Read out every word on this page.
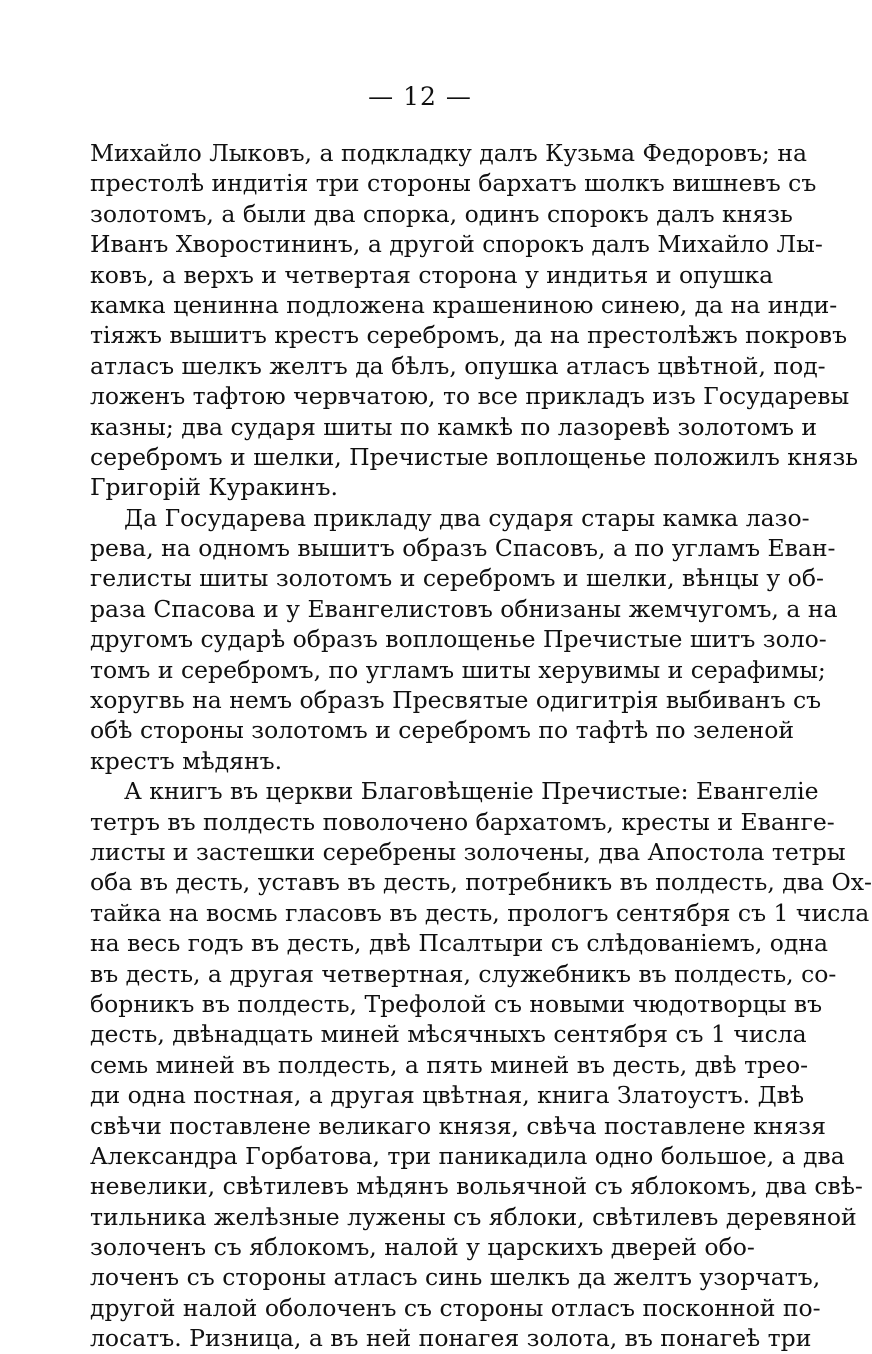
— 12 —
Михайло Лыковъ, а подкладку далъ Кузьма Федоровъ; на
престолѣ индитія три стороны бархатъ шолкъ вишневъ съ
золотомъ, а были два спорка, одинъ спорокъ далъ князь
Иванъ Хворостининъ, а другой спорокъ далъ Михайло Лы-
ковъ, а верхъ и четвертая сторона у индитья и опушка
камка ценинна подложена крашениною синею, да на инди-
тіяжъ вышитъ крестъ серебромъ, да на престолѣжъ покровъ
атласъ шелкъ желтъ да бѣлъ, опушка атласъ цвѣтной, под-
ложенъ тафтою червчатою, то все прикладъ изъ Государевы
казны; два сударя шиты по камкѣ по лазоревѣ золотомъ и
серебромъ и шелки, Пречистые воплощенье положилъ князь
Григорій Куракинъ.
Да Государева прикладу два сударя стары камка лазо-
рева, на одномъ вышитъ образъ Спасовъ, а по угламъ Еван-
гелисты шиты золотомъ и серебромъ и шелки, вѣнцы у об-
раза Спасова и у Евангелистовъ обнизаны жемчугомъ, а на
другомъ сударѣ образъ воплощенье Пречистые шитъ золо-
томъ и серебромъ, по угламъ шиты херувимы и серафимы;
хоругвь на немъ образъ Пресвятые одигитрія выбиванъ съ
обѣ стороны золотомъ и серебромъ по тафтѣ по зеленой
крестъ мѣдянъ.
А книгъ въ церкви Благовѣщеніе Пречистые: Евангеліе
тетръ въ полдесть поволочено бархатомъ, кресты и Еванге-
листы и застешки серебрены золочены, два Апостола тетры
оба въ десть, уставъ въ десть, потребникъ въ полдесть, два Ох-
тайка на восмь гласовъ въ десть, прологъ сентября съ 1 числа
на весь годъ въ десть, двѣ Псалтыри съ слѣдованіемъ, одна
въ десть, а другая четвертная, служебникъ въ полдесть, со-
борникъ въ полдесть, Трефолой съ новыми чюдотворцы въ
десть, двѣнадцать миней мѣсячныхъ сентября съ 1 числа
семь миней въ полдесть, а пять миней въ десть, двѣ трео-
ди одна постная, а другая цвѣтная, книга Златоустъ. Двѣ
свѣчи поставлене великаго князя, свѣча поставлене князя
Александра Горбатова, три паникадила одно большое, а два
невелики, свѣтилевъ мѣдянъ вольячной съ яблокомъ, два свѣ-
тильника желѣзные лужены съ яблоки, свѣтилевъ деревяной
золоченъ съ яблокомъ, налой у царскихъ дверей обо-
лоченъ съ стороны атласъ синь шелкъ да желтъ узорчатъ,
другой налой оболоченъ съ стороны отласъ посконной по-
лосатъ. Ризница, а въ ней понагея золота, въ понагеѣ три
